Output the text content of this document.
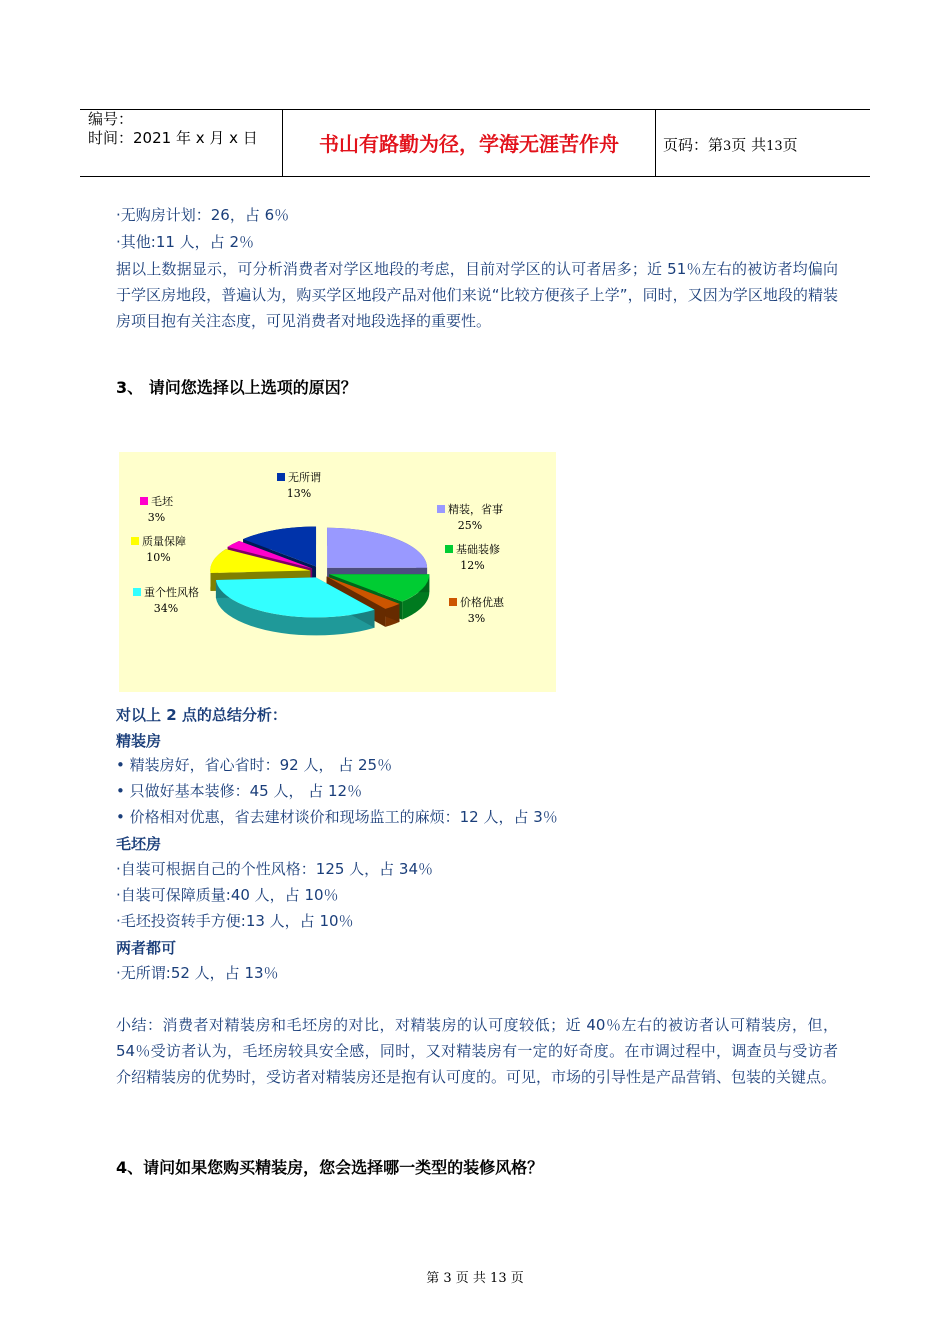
编号：
时间：2021 年 x 月 x 日	书山有路勤为径，学海无涯苦作舟	页码：第3页 共13页
·无购房计划：26，占 6％
·其他:11 人，占 2％
据以上数据显示，可分析消费者对学区地段的考虑，目前对学区的认可者居多；近 51％左右的被访者均偏向于学区房地段，普遍认为，购买学区地段产品对他们来说“比较方便孩子上学”，同时，又因为学区地段的精装房项目抱有关注态度，可见消费者对地段选择的重要性。
3、 请问您选择以上选项的原因？
无所谓
13%
毛坯
3%
精装，省事
25%
质量保障
10%
基础装修
12%
重个性风格
34%	价格优惠
3%
对以上 2 点的总结分析：
精装房
• 精装房好，省心省时：92 人， 占 25％
• 只做好基本装修：45 人， 占 12％
• 价格相对优惠，省去建材谈价和现场监工的麻烦：12 人，占 3％
毛坯房
·自装可根据自己的个性风格：125 人，占 34％
·自装可保障质量:40 人，占 10％
·毛坯投资转手方便:13 人，占 10％
两者都可
·无所谓:52 人，占 13％
小结：消费者对精装房和毛坯房的对比，对精装房的认可度较低；近 40％左右的被访者认可精装房，但，54％受访者认为，毛坯房较具安全感，同时，又对精装房有一定的好奇度。在市调过程中，调查员与受访者介绍精装房的优势时，受访者对精装房还是抱有认可度的。可见，市场的引导性是产品营销、包装的关键点。
4、请问如果您购买精装房，您会选择哪一类型的装修风格？
第 3 页 共 13 页
